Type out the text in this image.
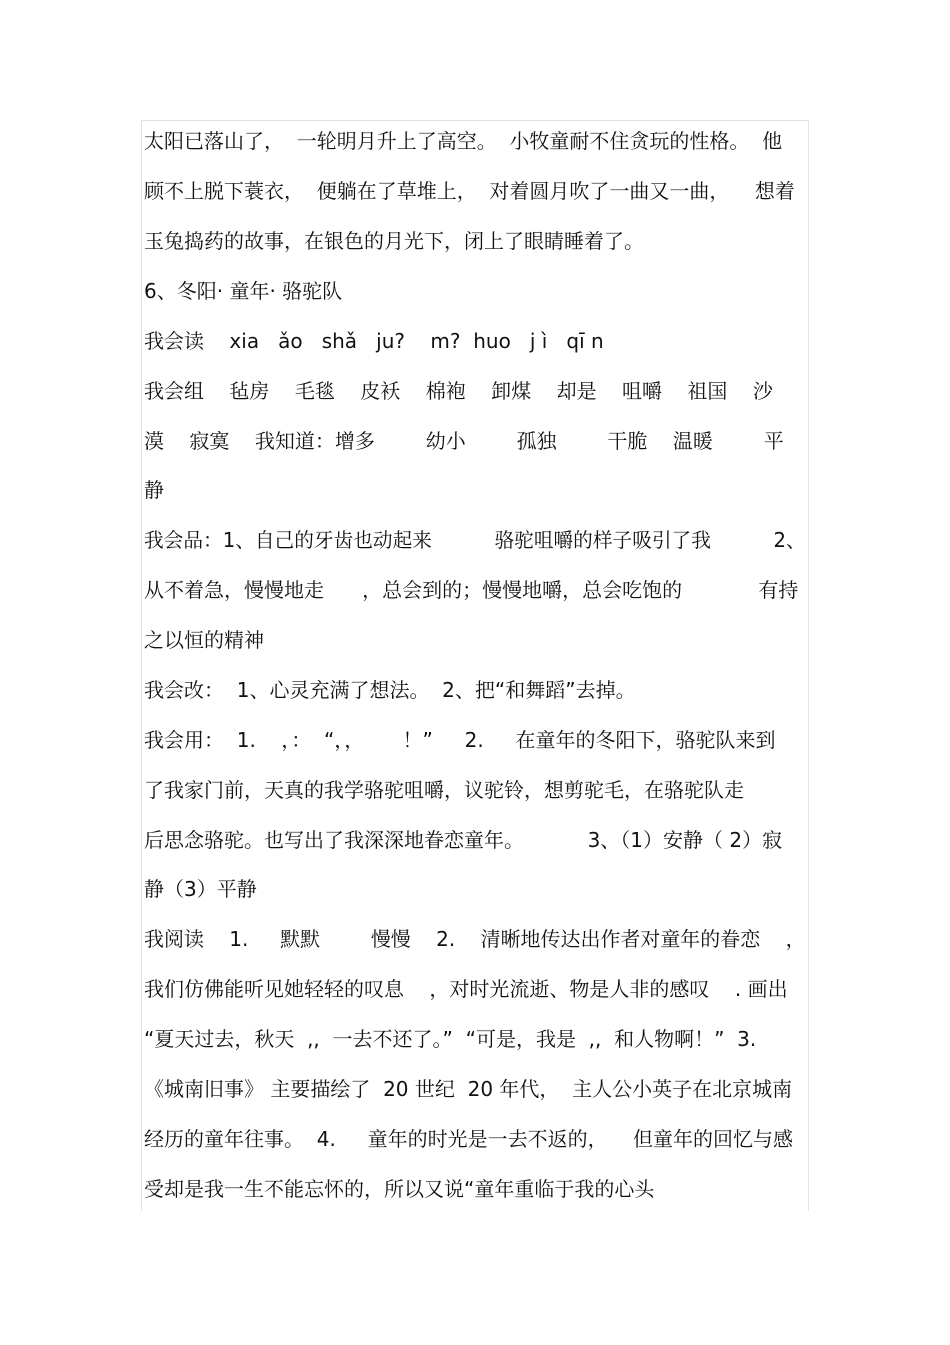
太阳已落山了，  一轮明月升上了高空。  小牧童耐不住贪玩的性格。  他
顾不上脱下蓑衣，  便躺在了草堆上，  对着圆月吹了一曲又一曲，    想着
玉兔捣药的故事，在银色的月光下，闭上了眼睛睡着了。
6、冬阳· 童年· 骆驼队
我会读    xia   ǎo   shǎ   ju?    m?  huo   j ì   qī n
我会组    毡房    毛毯    皮袄    棉袍    卸煤    却是    咀嚼    祖国    沙
漠    寂寞    我知道：增多        幼小        孤独        干脆    温暖        平
静
我会品：1、自己的牙齿也动起来          骆驼咀嚼的样子吸引了我          2、
从不着急，慢慢地走      ，总会到的；慢慢地嚼，总会吃饱的            有持
之以恒的精神
我会改：  1、心灵充满了想法。  2、把“和舞蹈”去掉。
我会用：  1.    ，：  “，，      ！”     2.     在童年的冬阳下，骆驼队来到
了我家门前，天真的我学骆驼咀嚼，议驼铃，想剪驼毛，在骆驼队走
后思念骆驼。也写出了我深深地眷恋童年。          3、（1）安静（ 2）寂
静（3）平静
我阅读    1.     默默        慢慢    2.    清晰地传达出作者对童年的眷恋    ，
我们仿佛能听见她轻轻的叹息    ，对时光流逝、物是人非的感叹    . 画出
“夏天过去，秋天  ,,  一去不还了。”  “可是，我是  ,,  和人物啊！”  3.
《城南旧事》 主要描绘了  20 世纪  20 年代，  主人公小英子在北京城南
经历的童年往事。  4.     童年的时光是一去不返的，    但童年的回忆与感
受却是我一生不能忘怀的，所以又说“童年重临于我的心头
